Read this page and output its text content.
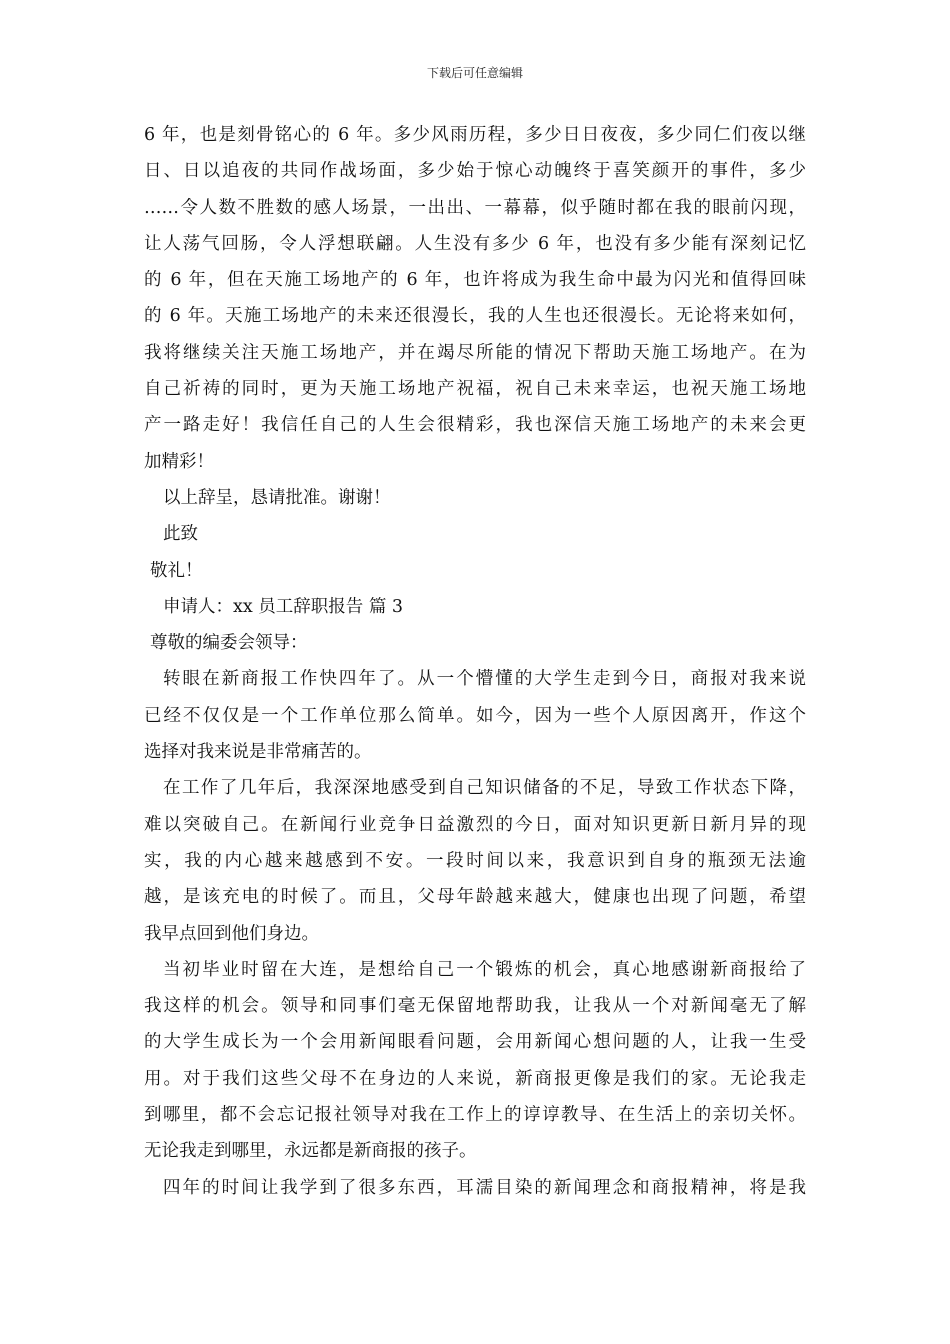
下载后可任意编辑
6 年，也是刻骨铭心的 6 年。多少风雨历程，多少日日夜夜，多少同仁们夜以继
日、日以追夜的共同作战场面，多少始于惊心动魄终于喜笑颜开的事件，多少
……令人数不胜数的感人场景，一出出、一幕幕，似乎随时都在我的眼前闪现，
让人荡气回肠，令人浮想联翩。人生没有多少 6 年，也没有多少能有深刻记忆
的 6 年，但在天施工场地产的 6 年，也许将成为我生命中最为闪光和值得回味
的 6 年。天施工场地产的未来还很漫长，我的人生也还很漫长。无论将来如何，
我将继续关注天施工场地产，并在竭尽所能的情况下帮助天施工场地产。在为
自己祈祷的同时，更为天施工场地产祝福，祝自己未来幸运，也祝天施工场地
产一路走好！我信任自己的人生会很精彩，我也深信天施工场地产的未来会更
加精彩！
以上辞呈，恳请批准。谢谢！
此致
敬礼！
申请人：xx 员工辞职报告 篇 3
尊敬的编委会领导：
转眼在新商报工作快四年了。从一个懵懂的大学生走到今日，商报对我来说
已经不仅仅是一个工作单位那么简单。如今，因为一些个人原因离开，作这个
选择对我来说是非常痛苦的。
在工作了几年后，我深深地感受到自己知识储备的不足，导致工作状态下降，
难以突破自己。在新闻行业竞争日益激烈的今日，面对知识更新日新月异的现
实，我的内心越来越感到不安。一段时间以来，我意识到自身的瓶颈无法逾
越，是该充电的时候了。而且，父母年龄越来越大，健康也出现了问题，希望
我早点回到他们身边。
当初毕业时留在大连，是想给自己一个锻炼的机会，真心地感谢新商报给了
我这样的机会。领导和同事们毫无保留地帮助我，让我从一个对新闻毫无了解
的大学生成长为一个会用新闻眼看问题，会用新闻心想问题的人，让我一生受
用。对于我们这些父母不在身边的人来说，新商报更像是我们的家。无论我走
到哪里，都不会忘记报社领导对我在工作上的谆谆教导、在生活上的亲切关怀。
无论我走到哪里，永远都是新商报的孩子。
四年的时间让我学到了很多东西，耳濡目染的新闻理念和商报精神，将是我
